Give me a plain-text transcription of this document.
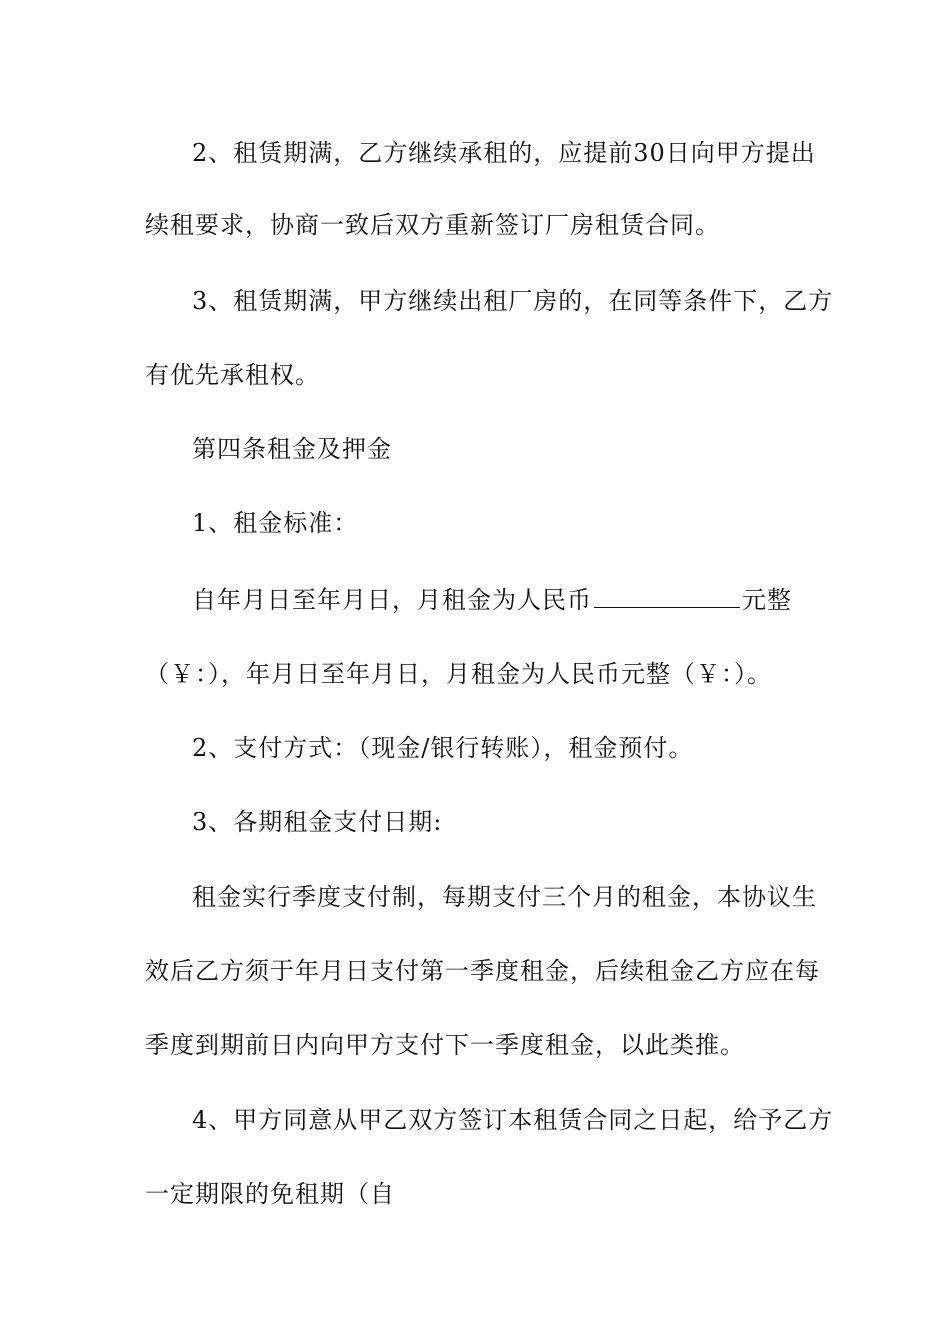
2、租赁期满，乙方继续承租的，应提前30日向甲方提出
续租要求，协商一致后双方重新签订厂房租赁合同。
3、租赁期满，甲方继续出租厂房的，在同等条件下，乙方
有优先承租权。
第四条租金及押金
1、租金标准：
自年月日至年月日，月租金为人民币	元整
（￥：），年月日至年月日，月租金为人民币元整（￥：）。
2、支付方式：（现金/银行转账），租金预付。
3、各期租金支付日期:
租金实行季度支付制，每期支付三个月的租金，本协议生
效后乙方须于年月日支付第一季度租金，后续租金乙方应在每
季度到期前日内向甲方支付下一季度租金，以此类推。
4、甲方同意从甲乙双方签订本租赁合同之日起，给予乙方
一定期限的免租期（自
